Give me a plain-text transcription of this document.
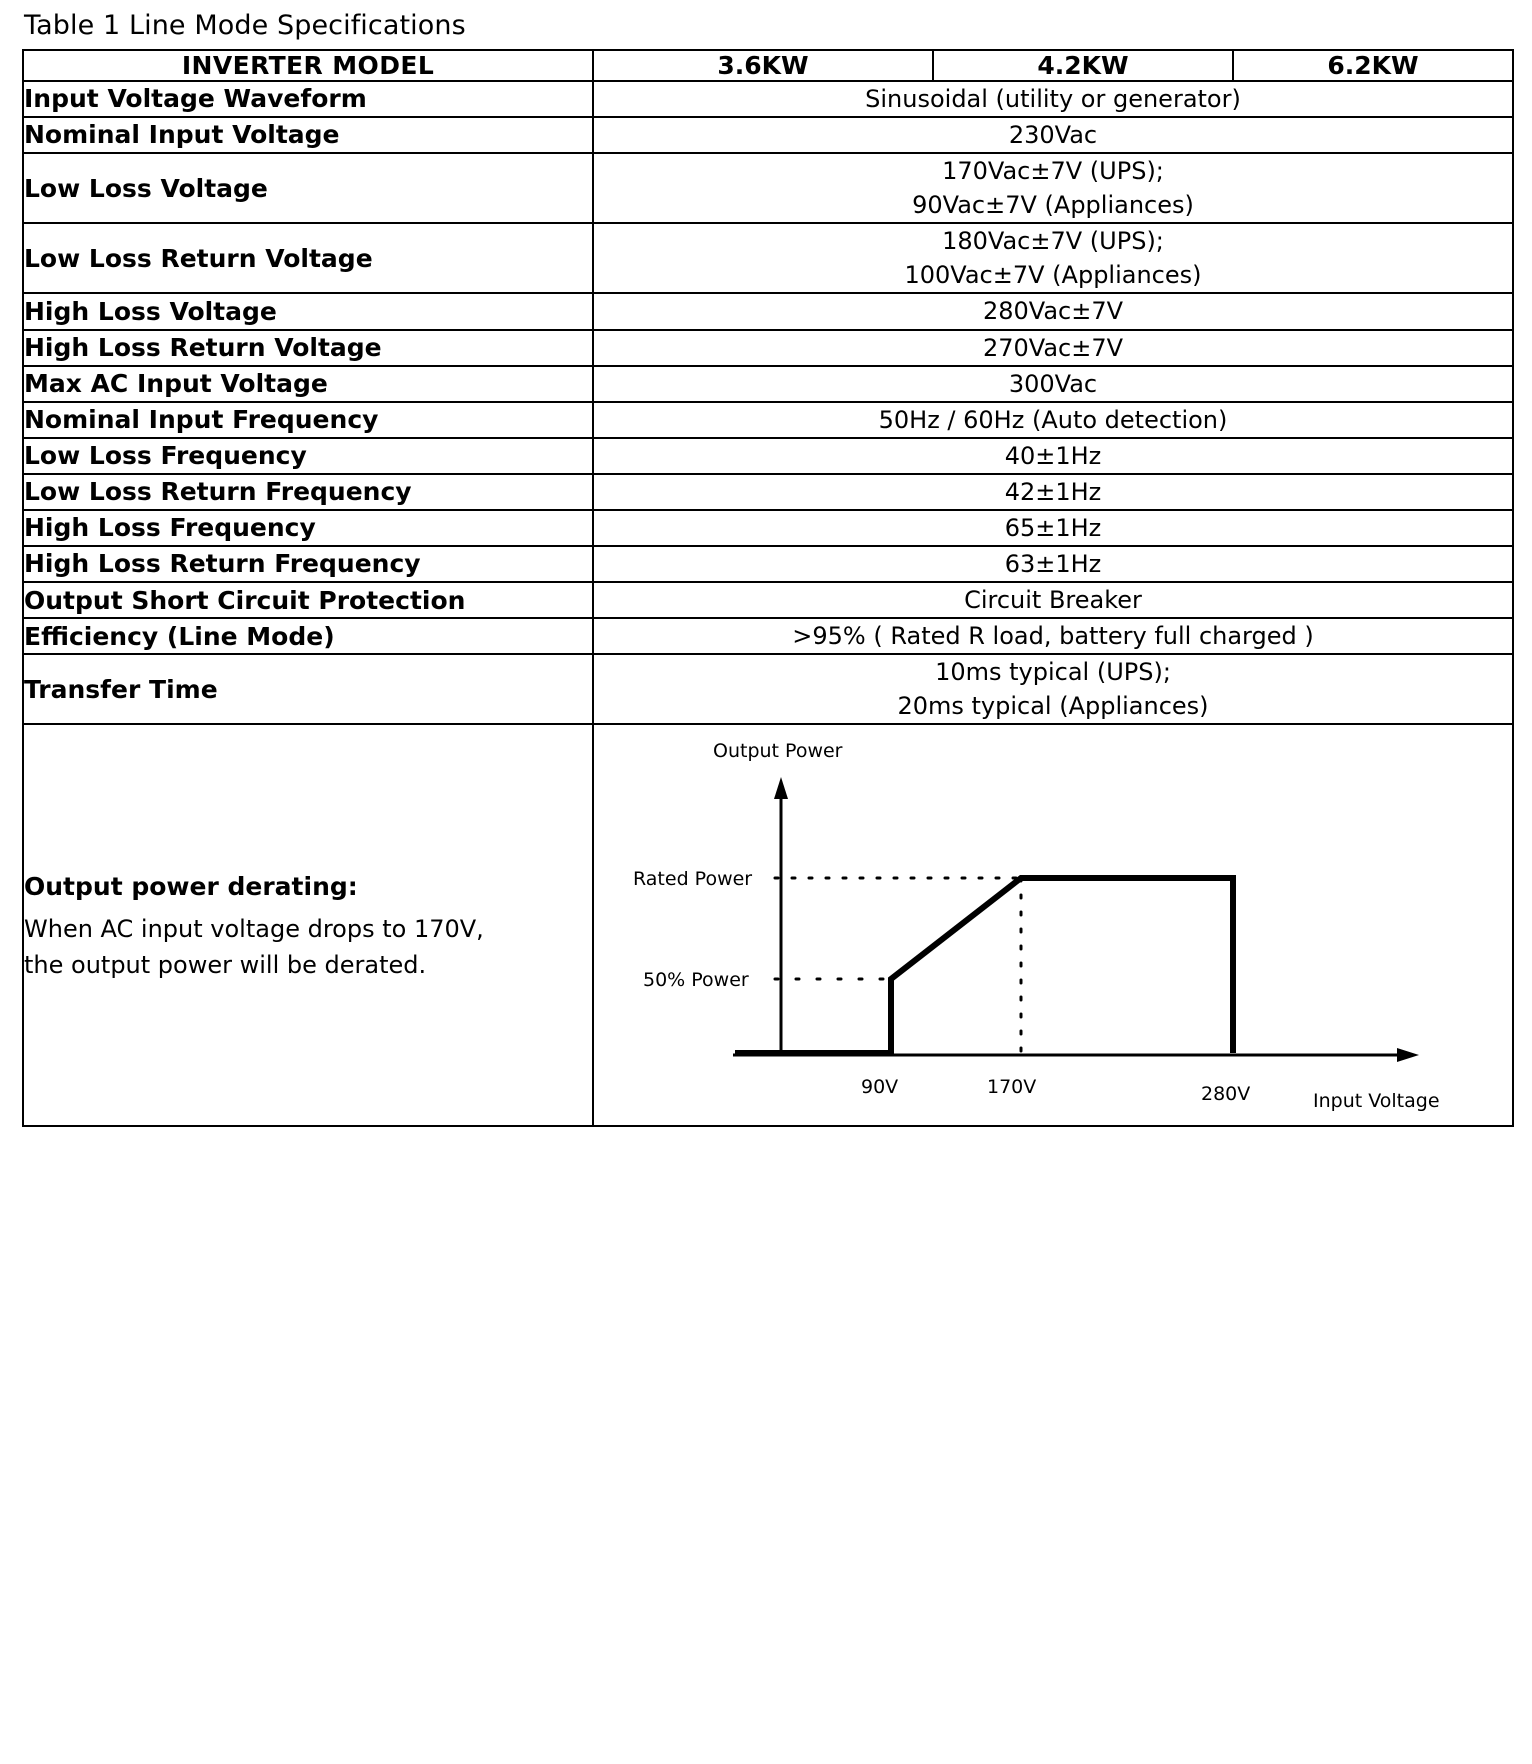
Table 1 Line Mode Specifications
INVERTER MODEL	3.6KW	4.2KW	6.2KW
Input Voltage Waveform	Sinusoidal (utility or generator)		
Nominal Input Voltage	230Vac		
Low Loss Voltage	170Vac±7V (UPS);
90Vac±7V (Appliances)		

Low Loss Return Voltage	180Vac±7V (UPS);
100Vac±7V (Appliances)		

High Loss Voltage	280Vac±7V		
High Loss Return Voltage	270Vac±7V		
Max AC Input Voltage	300Vac		
Nominal Input Frequency	50Hz / 60Hz (Auto detection)		
Low Loss Frequency	40±1Hz		
Low Loss Return Frequency	42±1Hz		
High Loss Frequency	65±1Hz		
High Loss Return Frequency	63±1Hz		
Output Short Circuit Protection	Circuit Breaker		
Efficiency (Line Mode)	>95% ( Rated R load, battery full charged )		
Transfer Time	10ms typical (UPS);
20ms typical (Appliances)		

Output power derating:
When AC input voltage drops to 170V,
the output power will be derated.

Output Power
Input Voltage
Rated Power
50% Power
90V	170V	280V
